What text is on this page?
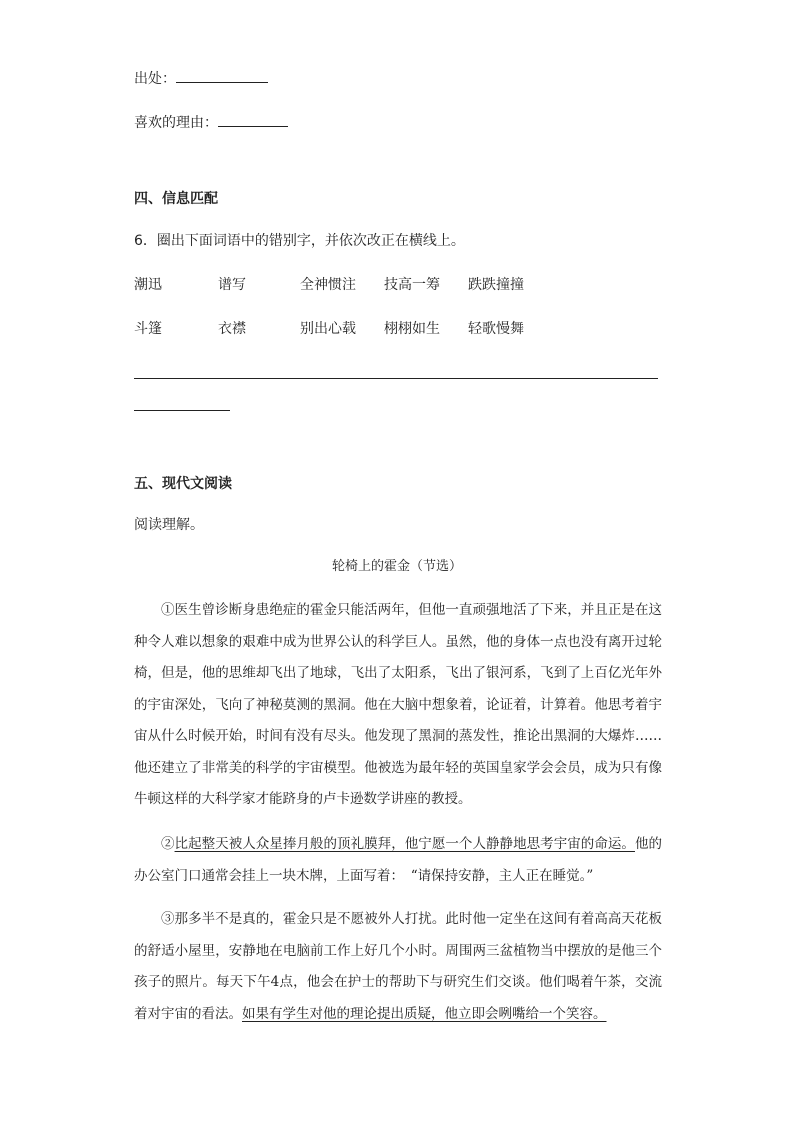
出处：
喜欢的理由：
四、信息匹配
6．圈出下面词语中的错别字，并依次改正在横线上。
潮迅	谱写	全神惯注 技高一筹 跌跌撞撞
斗篷	衣襟	别出心载 栩栩如生 轻歌慢舞
五、现代文阅读
阅读理解。
轮椅上的霍金（节选）
①医生曾诊断身患绝症的霍金只能活两年，但他一直顽强地活了下来，并且正是在这种令人难以想象的艰难中成为世界公认的科学巨人。虽然，他的身体一点也没有离开过轮椅，但是，他的思维却飞出了地球，飞出了太阳系，飞出了银河系，飞到了上百亿光年外的宇宙深处，飞向了神秘莫测的黑洞。他在大脑中想象着，论证着，计算着。他思考着宇宙从什么时候开始，时间有没有尽头。他发现了黑洞的蒸发性，推论出黑洞的大爆炸……他还建立了非常美的科学的宇宙模型。他被选为最年轻的英国皇家学会会员，成为只有像牛顿这样的大科学家才能跻身的卢卡逊数学讲座的教授。
②比起整天被人众星捧月般的顶礼膜拜，他宁愿一个人静静地思考宇宙的命运。他的办公室门口通常会挂上一块木牌，上面写着：　“请保持安静，主人正在睡觉。”
③那多半不是真的，霍金只是不愿被外人打扰。此时他一定坐在这间有着高高天花板的舒适小屋里，安静地在电脑前工作上好几个小时。周围两三盆植物当中摆放的是他三个孩子的照片。每天下午4点，他会在护士的帮助下与研究生们交谈。他们喝着午茶，交流着对宇宙的看法。如果有学生对他的理论提出质疑，他立即会咧嘴给一个笑容。
